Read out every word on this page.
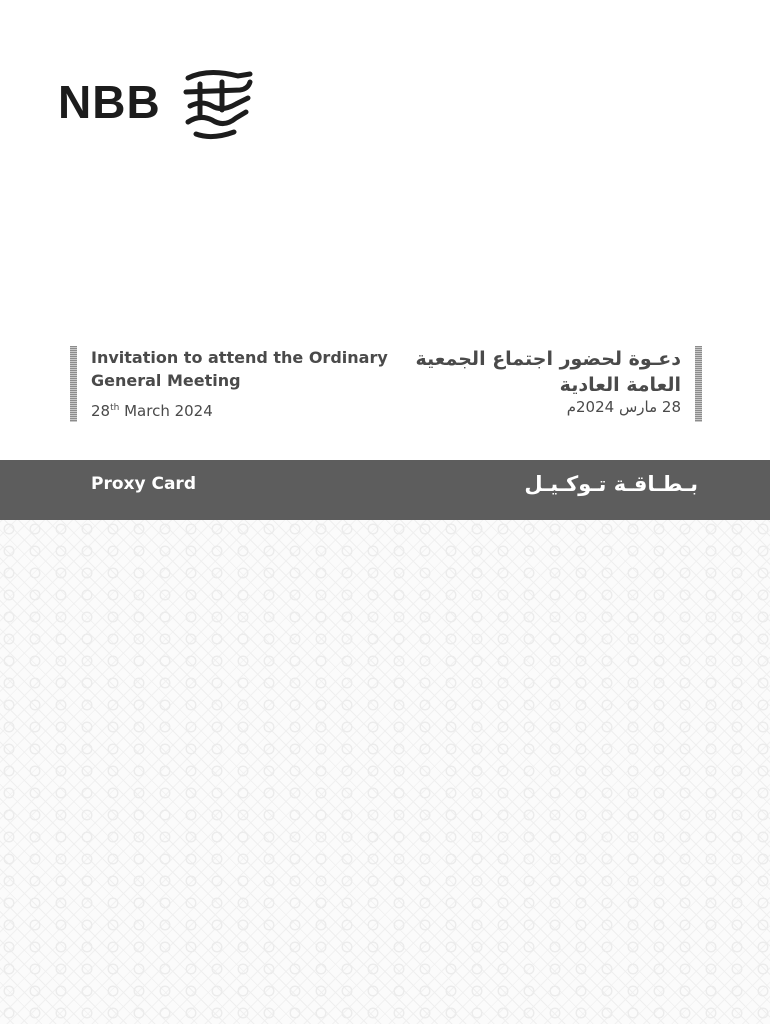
NBB
Invitation to attend the Ordinary General Meeting
28th March 2024
دعـوة لحضور اجتماع الجمعية العامة العادية
28 مارس 2024م
Proxy Card	بـطـاقـة تـوكـيـل
